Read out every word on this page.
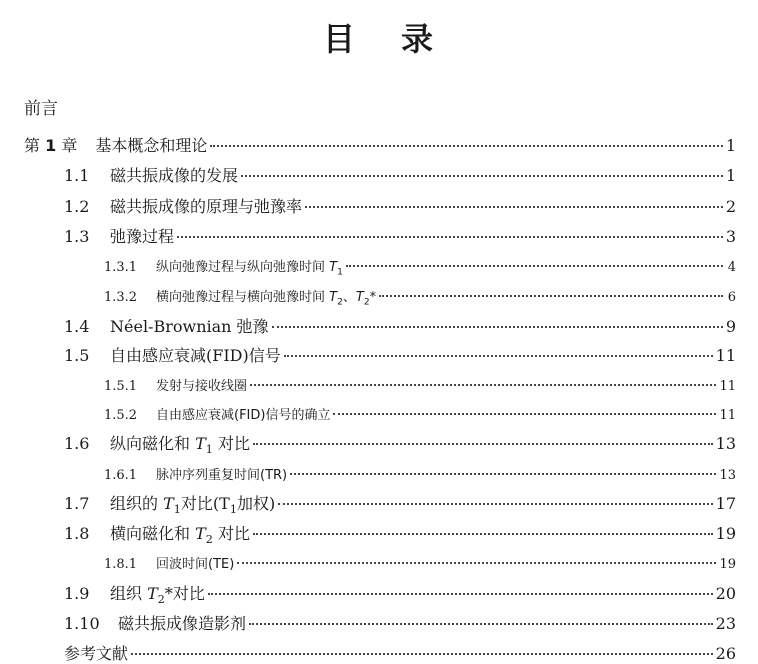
目 录
前言
第 1 章 基本概念和理论	1
1.1	磁共振成像的发展	1
1.2	磁共振成像的原理与弛豫率	2
1.3	弛豫过程	3
1.3.1	纵向弛豫过程与纵向弛豫时间 $T_1$	4
1.3.2	横向弛豫过程与横向弛豫时间 $T_2$、$T_2*$	6
1.4	Néel-Brownian 弛豫	9
1.5	自由感应衰减(FID)信号	11
1.5.1	发射与接收线圈	11
1.5.2	自由感应衰减(FID)信号的确立	11
1.6	纵向磁化和 $T_1$ 对比	13
1.6.1	脉冲序列重复时间(TR)	13
1.7	组织的 $T_1$对比($T_1$加权)	17
1.8	横向磁化和 $T_2$ 对比	19
1.8.1	回波时间(TE)	19
1.9	组织 $T_2*$对比	20
1.10	磁共振成像造影剂	23
参考文献	26
